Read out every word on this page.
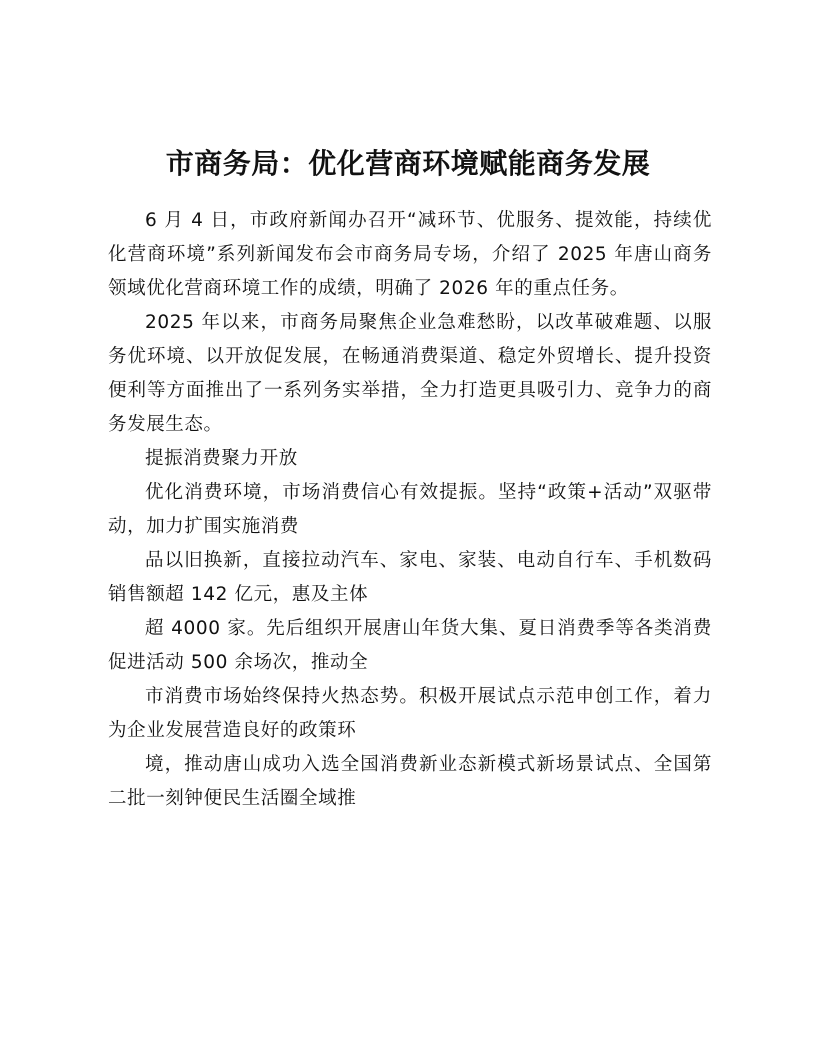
市商务局：优化营商环境赋能商务发展

6 月 4 日，市政府新闻办召开“减环节、优服务、提效能，持续优化营商环境”系列新闻发布会市商务局专场，介绍了 2025 年唐山商务领域优化营商环境工作的成绩，明确了 2026 年的重点任务。

2025 年以来，市商务局聚焦企业急难愁盼，以改革破难题、以服务优环境、以开放促发展，在畅通消费渠道、稳定外贸增长、提升投资便利等方面推出了一系列务实举措，全力打造更具吸引力、竞争力的商务发展生态。

提振消费聚力开放

优化消费环境，市场消费信心有效提振。坚持“政策+活动”双驱带动，加力扩围实施消费

品以旧换新，直接拉动汽车、家电、家装、电动自行车、手机数码销售额超 142 亿元，惠及主体

超 4000 家。先后组织开展唐山年货大集、夏日消费季等各类消费促进活动 500 余场次，推动全

市消费市场始终保持火热态势。积极开展试点示范申创工作，着力为企业发展营造良好的政策环

境，推动唐山成功入选全国消费新业态新模式新场景试点、全国第二批一刻钟便民生活圈全域推
